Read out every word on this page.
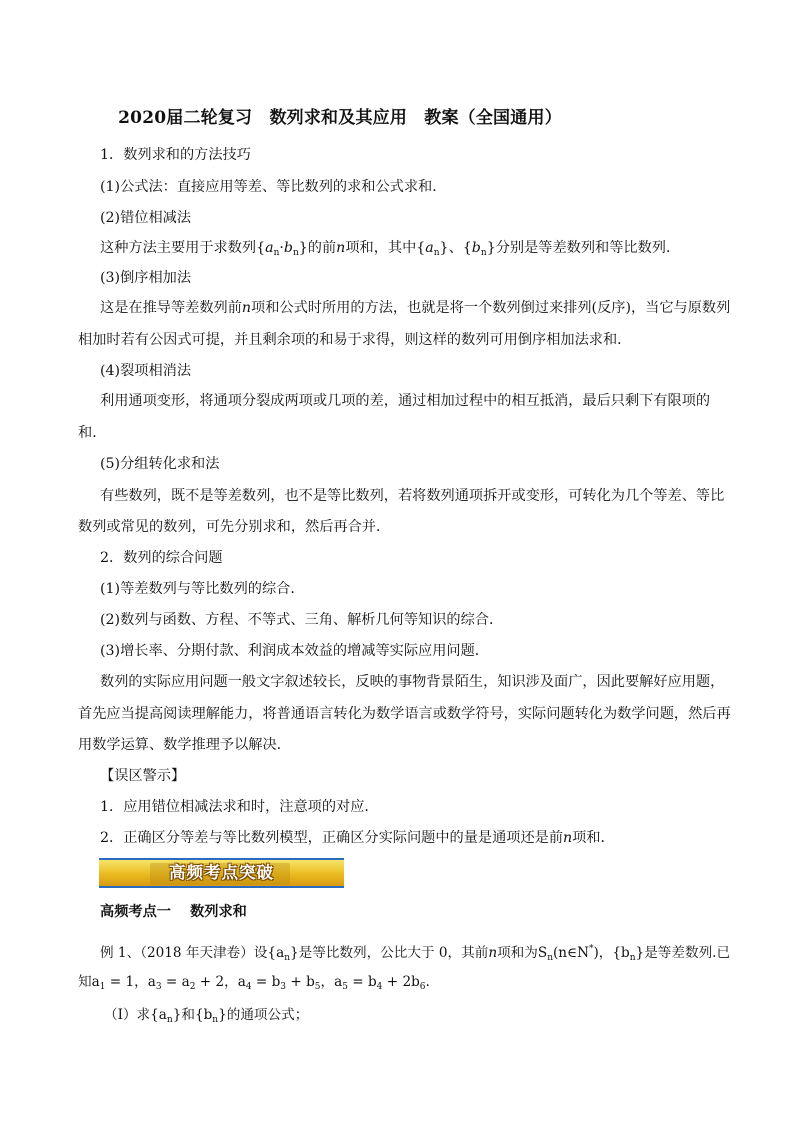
2020届二轮复习　数列求和及其应用　教案（全国通用）
1．数列求和的方法技巧
(1)公式法：直接应用等差、等比数列的求和公式求和．
(2)错位相减法
这种方法主要用于求数列$\{a_n\cdot b_n\}$的前n项和，其中$\{a_n\}$、$\{b_n\}$分别是等差数列和等比数列．
(3)倒序相加法
这是在推导等差数列前n项和公式时所用的方法，也就是将一个数列倒过来排列(反序)，当它与原数列
相加时若有公因式可提，并且剩余项的和易于求得，则这样的数列可用倒序相加法求和．
(4)裂项相消法
利用通项变形，将通项分裂成两项或几项的差，通过相加过程中的相互抵消，最后只剩下有限项的
和．
(5)分组转化求和法
有些数列，既不是等差数列，也不是等比数列，若将数列通项拆开或变形，可转化为几个等差、等比
数列或常见的数列，可先分别求和，然后再合并．
2．数列的综合问题
(1)等差数列与等比数列的综合．
(2)数列与函数、方程、不等式、三角、解析几何等知识的综合．
(3)增长率、分期付款、利润成本效益的增减等实际应用问题．
数列的实际应用问题一般文字叙述较长，反映的事物背景陌生，知识涉及面广，因此要解好应用题，
首先应当提高阅读理解能力，将普通语言转化为数学语言或数学符号，实际问题转化为数学问题，然后再
用数学运算、数学推理予以解决.
【误区警示】
1．应用错位相减法求和时，注意项的对应．
2．正确区分等差与等比数列模型，正确区分实际问题中的量是通项还是前n项和．
高频考点突破
高频考点一　 数列求和
例 1、（2018 年天津卷）设$\{a_n\}$是等比数列，公比大于 0，其前n项和为$S_n(n\in N^*)$，$\{b_n\}$是等差数列.已
知$a_1 = 1$，$a_3 = a_2 + 2$，$a_4 = b_3 + b_5$，$a_5 = b_4 + 2b_6$.
（I）求$\{a_n\}$和$\{b_n\}$的通项公式；
